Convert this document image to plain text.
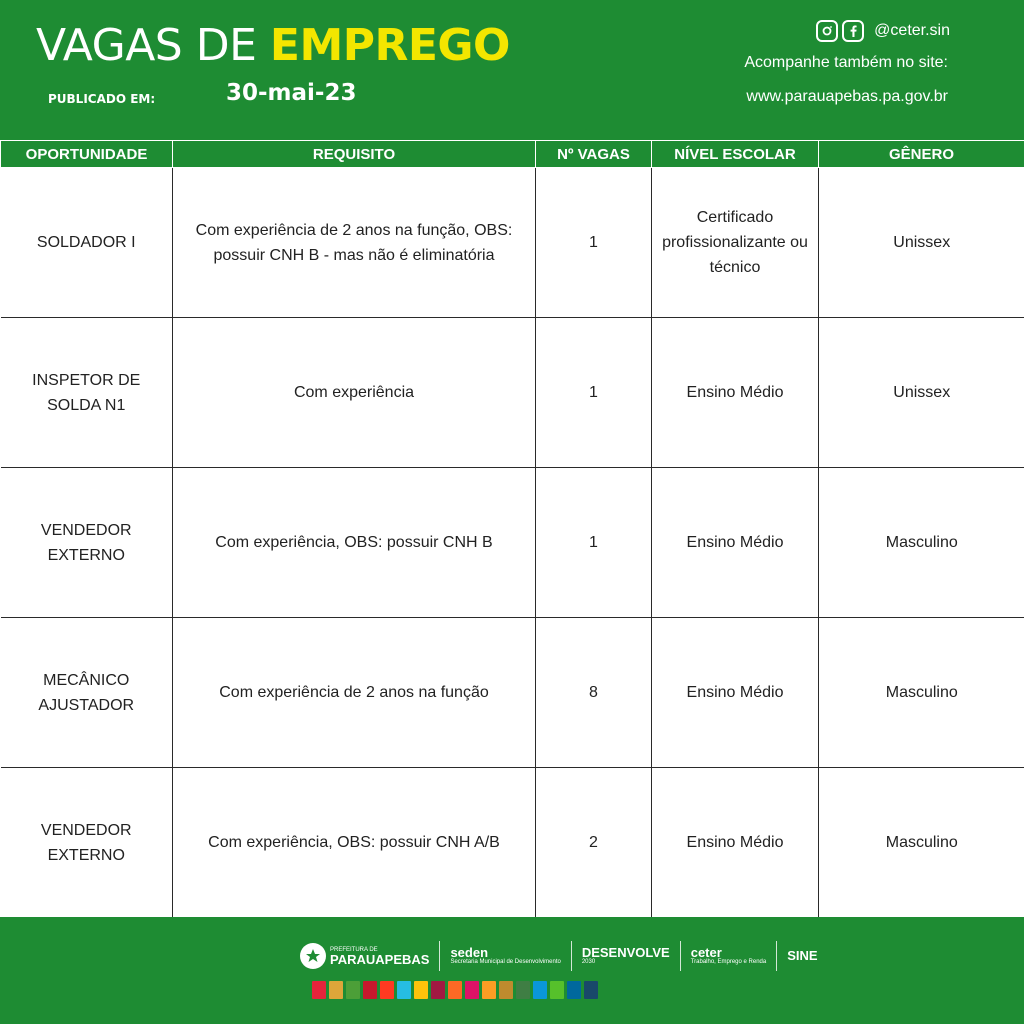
VAGAS DE EMPREGO
PUBLICADO EM:	30-mai-23
@ceter.sin
Acompanhe também no site:
www.parauapebas.pa.gov.br
OPORTUNIDADE	REQUISITO	Nº VAGAS	NÍVEL ESCOLAR	GÊNERO
SOLDADOR I	Com experiência de 2 anos na função, OBS: possuir CNH B - mas não é eliminatória	1	Certificado profissionalizante ou técnico	Unissex
INSPETOR DE SOLDA N1	Com experiência	1	Ensino Médio	Unissex
VENDEDOR EXTERNO	Com experiência, OBS: possuir CNH B	1	Ensino Médio	Masculino
MECÂNICO AJUSTADOR	Com experiência de 2 anos na função	8	Ensino Médio	Masculino
VENDEDOR EXTERNO	Com experiência, OBS: possuir CNH A/B	2	Ensino Médio	Masculino
PREFEITURA DE
PARAUAPEBAS seden
Secretaria Municipal de Desenvolvimento
DESENVOLVE
2030
ceter
Trabalho, Emprego e Renda SINE
